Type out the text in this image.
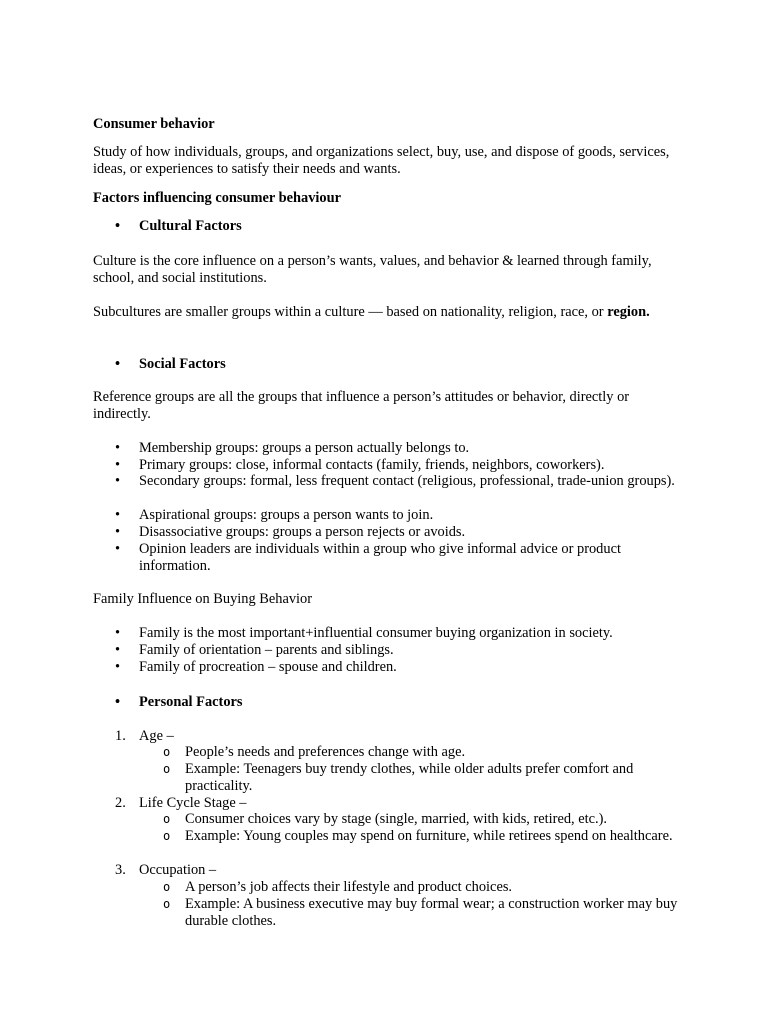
Consumer behavior

Study of how individuals, groups, and organizations select, buy, use, and dispose of goods, services, ideas, or experiences to satisfy their needs and wants.

Factors influencing consumer behaviour

•	Cultural Factors

Culture is the core influence on a person’s wants, values, and behavior & learned through family, school, and social institutions.

Subcultures are smaller groups within a culture — based on nationality, religion, race, or region.

•	Social Factors

Reference groups are all the groups that influence a person’s attitudes or behavior, directly or indirectly.

•	Membership groups: groups a person actually belongs to.
•	Primary groups: close, informal contacts (family, friends, neighbors, coworkers).
•	Secondary groups: formal, less frequent contact (religious, professional, trade-union groups).
•	Aspirational groups: groups a person wants to join.
•	Disassociative groups: groups a person rejects or avoids.
•	Opinion leaders are individuals within a group who give informal advice or product information.

Family Influence on Buying Behavior

•	Family is the most important+influential consumer buying organization in society.
•	Family of orientation – parents and siblings.
•	Family of procreation – spouse and children.
•	Personal Factors
1. Age –
o	People’s needs and preferences change with age.
o	Example: Teenagers buy trendy clothes, while older adults prefer comfort and practicality.
2. Life Cycle Stage –
o	Consumer choices vary by stage (single, married, with kids, retired, etc.).
o	Example: Young couples may spend on furniture, while retirees spend on healthcare.
3. Occupation –
o	A person’s job affects their lifestyle and product choices.
o	Example: A business executive may buy formal wear; a construction worker may buy durable clothes.
